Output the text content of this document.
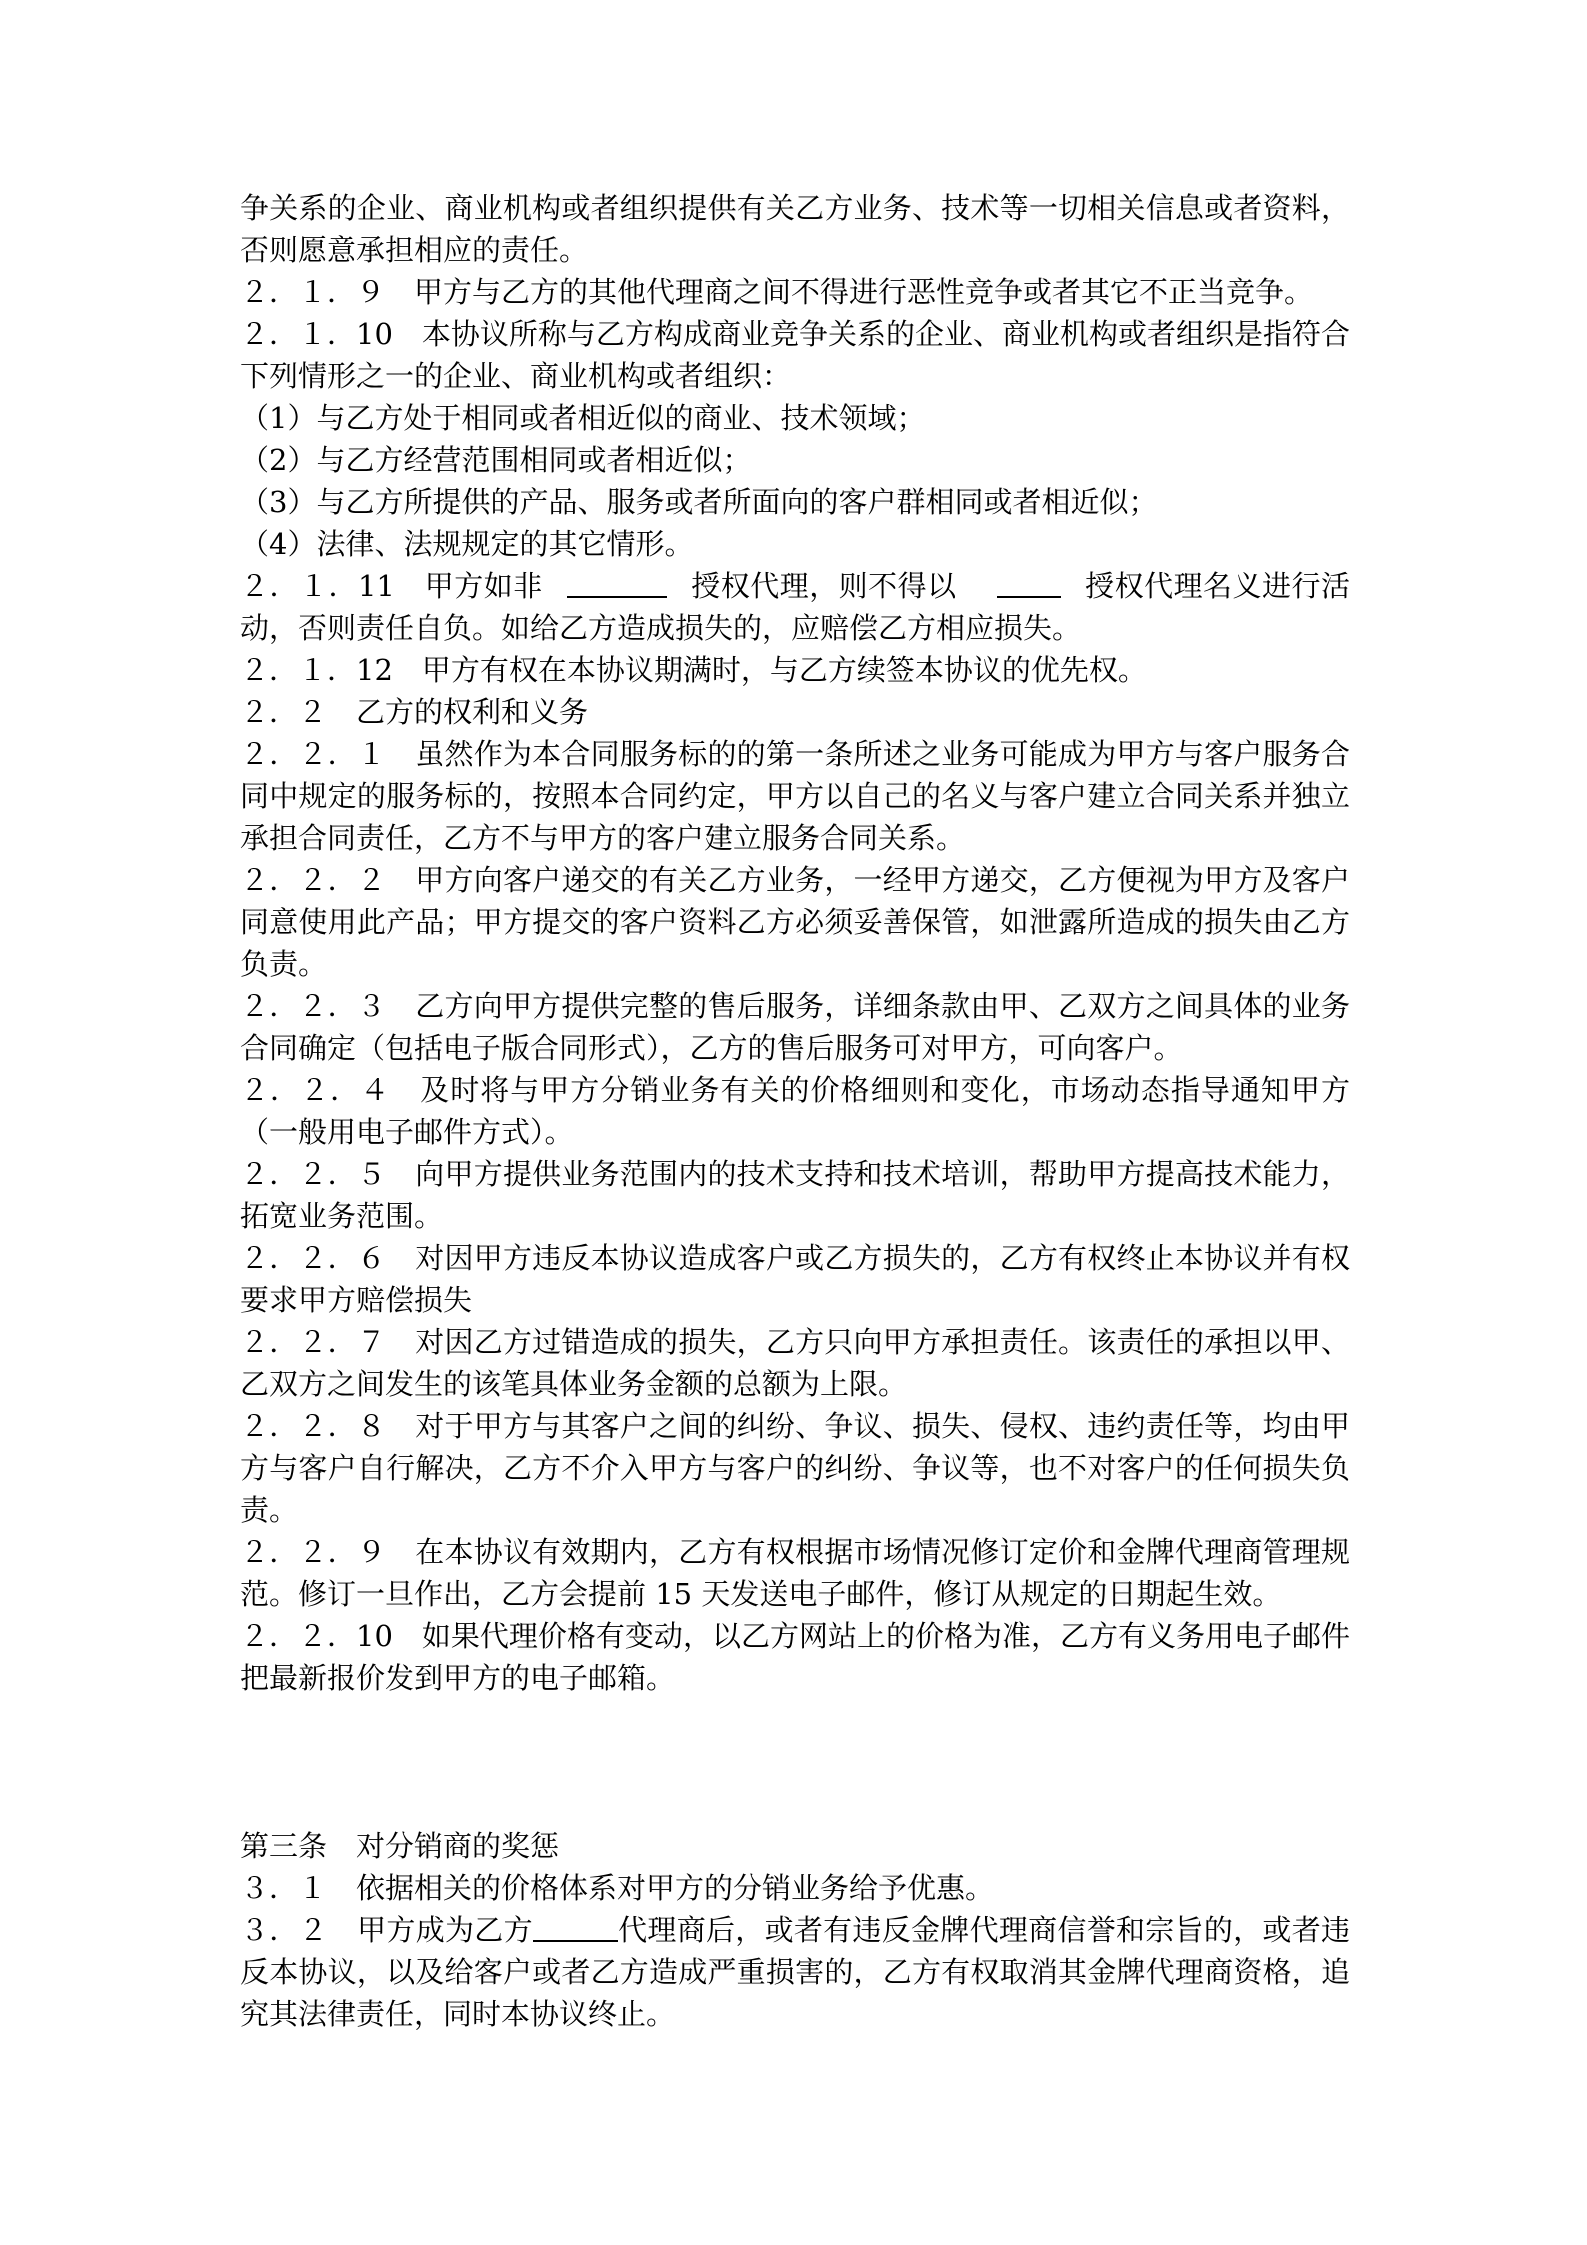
争关系的企业、商业机构或者组织提供有关乙方业务、技术等一切相关信息或者资料，否则愿意承担相应的责任。

２．１．９　甲方与乙方的其他代理商之间不得进行恶性竞争或者其它不正当竞争。

２．１．10　本协议所称与乙方构成商业竞争关系的企业、商业机构或者组织是指符合下列情形之一的企业、商业机构或者组织：

（1）与乙方处于相同或者相近似的商业、技术领域；

（2）与乙方经营范围相同或者相近似；

（3）与乙方所提供的产品、服务或者所面向的客户群相同或者相近似；

（4）法律、法规规定的其它情形。

２．１．11　甲方如非	授权代理，则不得以	授权代理名义进行活动，否则责任自负。如给乙方造成损失的，应赔偿乙方相应损失。

２．１．12　甲方有权在本协议期满时，与乙方续签本协议的优先权。

２．２　乙方的权利和义务

２．２．１　虽然作为本合同服务标的的第一条所述之业务可能成为甲方与客户服务合同中规定的服务标的，按照本合同约定，甲方以自己的名义与客户建立合同关系并独立承担合同责任，乙方不与甲方的客户建立服务合同关系。

２．２．２　甲方向客户递交的有关乙方业务，一经甲方递交，乙方便视为甲方及客户同意使用此产品；甲方提交的客户资料乙方必须妥善保管，如泄露所造成的损失由乙方负责。

２．２．３　乙方向甲方提供完整的售后服务，详细条款由甲、乙双方之间具体的业务合同确定（包括电子版合同形式），乙方的售后服务可对甲方，可向客户。

２．２．４　及时将与甲方分销业务有关的价格细则和变化，市场动态指导通知甲方（一般用电子邮件方式）。

２．２．５　向甲方提供业务范围内的技术支持和技术培训，帮助甲方提高技术能力，拓宽业务范围。

２．２．６　对因甲方违反本协议造成客户或乙方损失的，乙方有权终止本协议并有权要求甲方赔偿损失

２．２．７　对因乙方过错造成的损失，乙方只向甲方承担责任。该责任的承担以甲、乙双方之间发生的该笔具体业务金额的总额为上限。

２．２．８　对于甲方与其客户之间的纠纷、争议、损失、侵权、违约责任等，均由甲方与客户自行解决，乙方不介入甲方与客户的纠纷、争议等，也不对客户的任何损失负责。

２．２．９　在本协议有效期内，乙方有权根据市场情况修订定价和金牌代理商管理规范。修订一旦作出，乙方会提前 15 天发送电子邮件，修订从规定的日期起生效。

２．２．10　如果代理价格有变动，以乙方网站上的价格为准，乙方有义务用电子邮件把最新报价发到甲方的电子邮箱。

第三条　对分销商的奖惩

３．１　依据相关的价格体系对甲方的分销业务给予优惠。

３．２　甲方成为乙方	代理商后，或者有违反金牌代理商信誉和宗旨的，或者违反本协议，以及给客户或者乙方造成严重损害的，乙方有权取消其金牌代理商资格，追究其法律责任，同时本协议终止。
